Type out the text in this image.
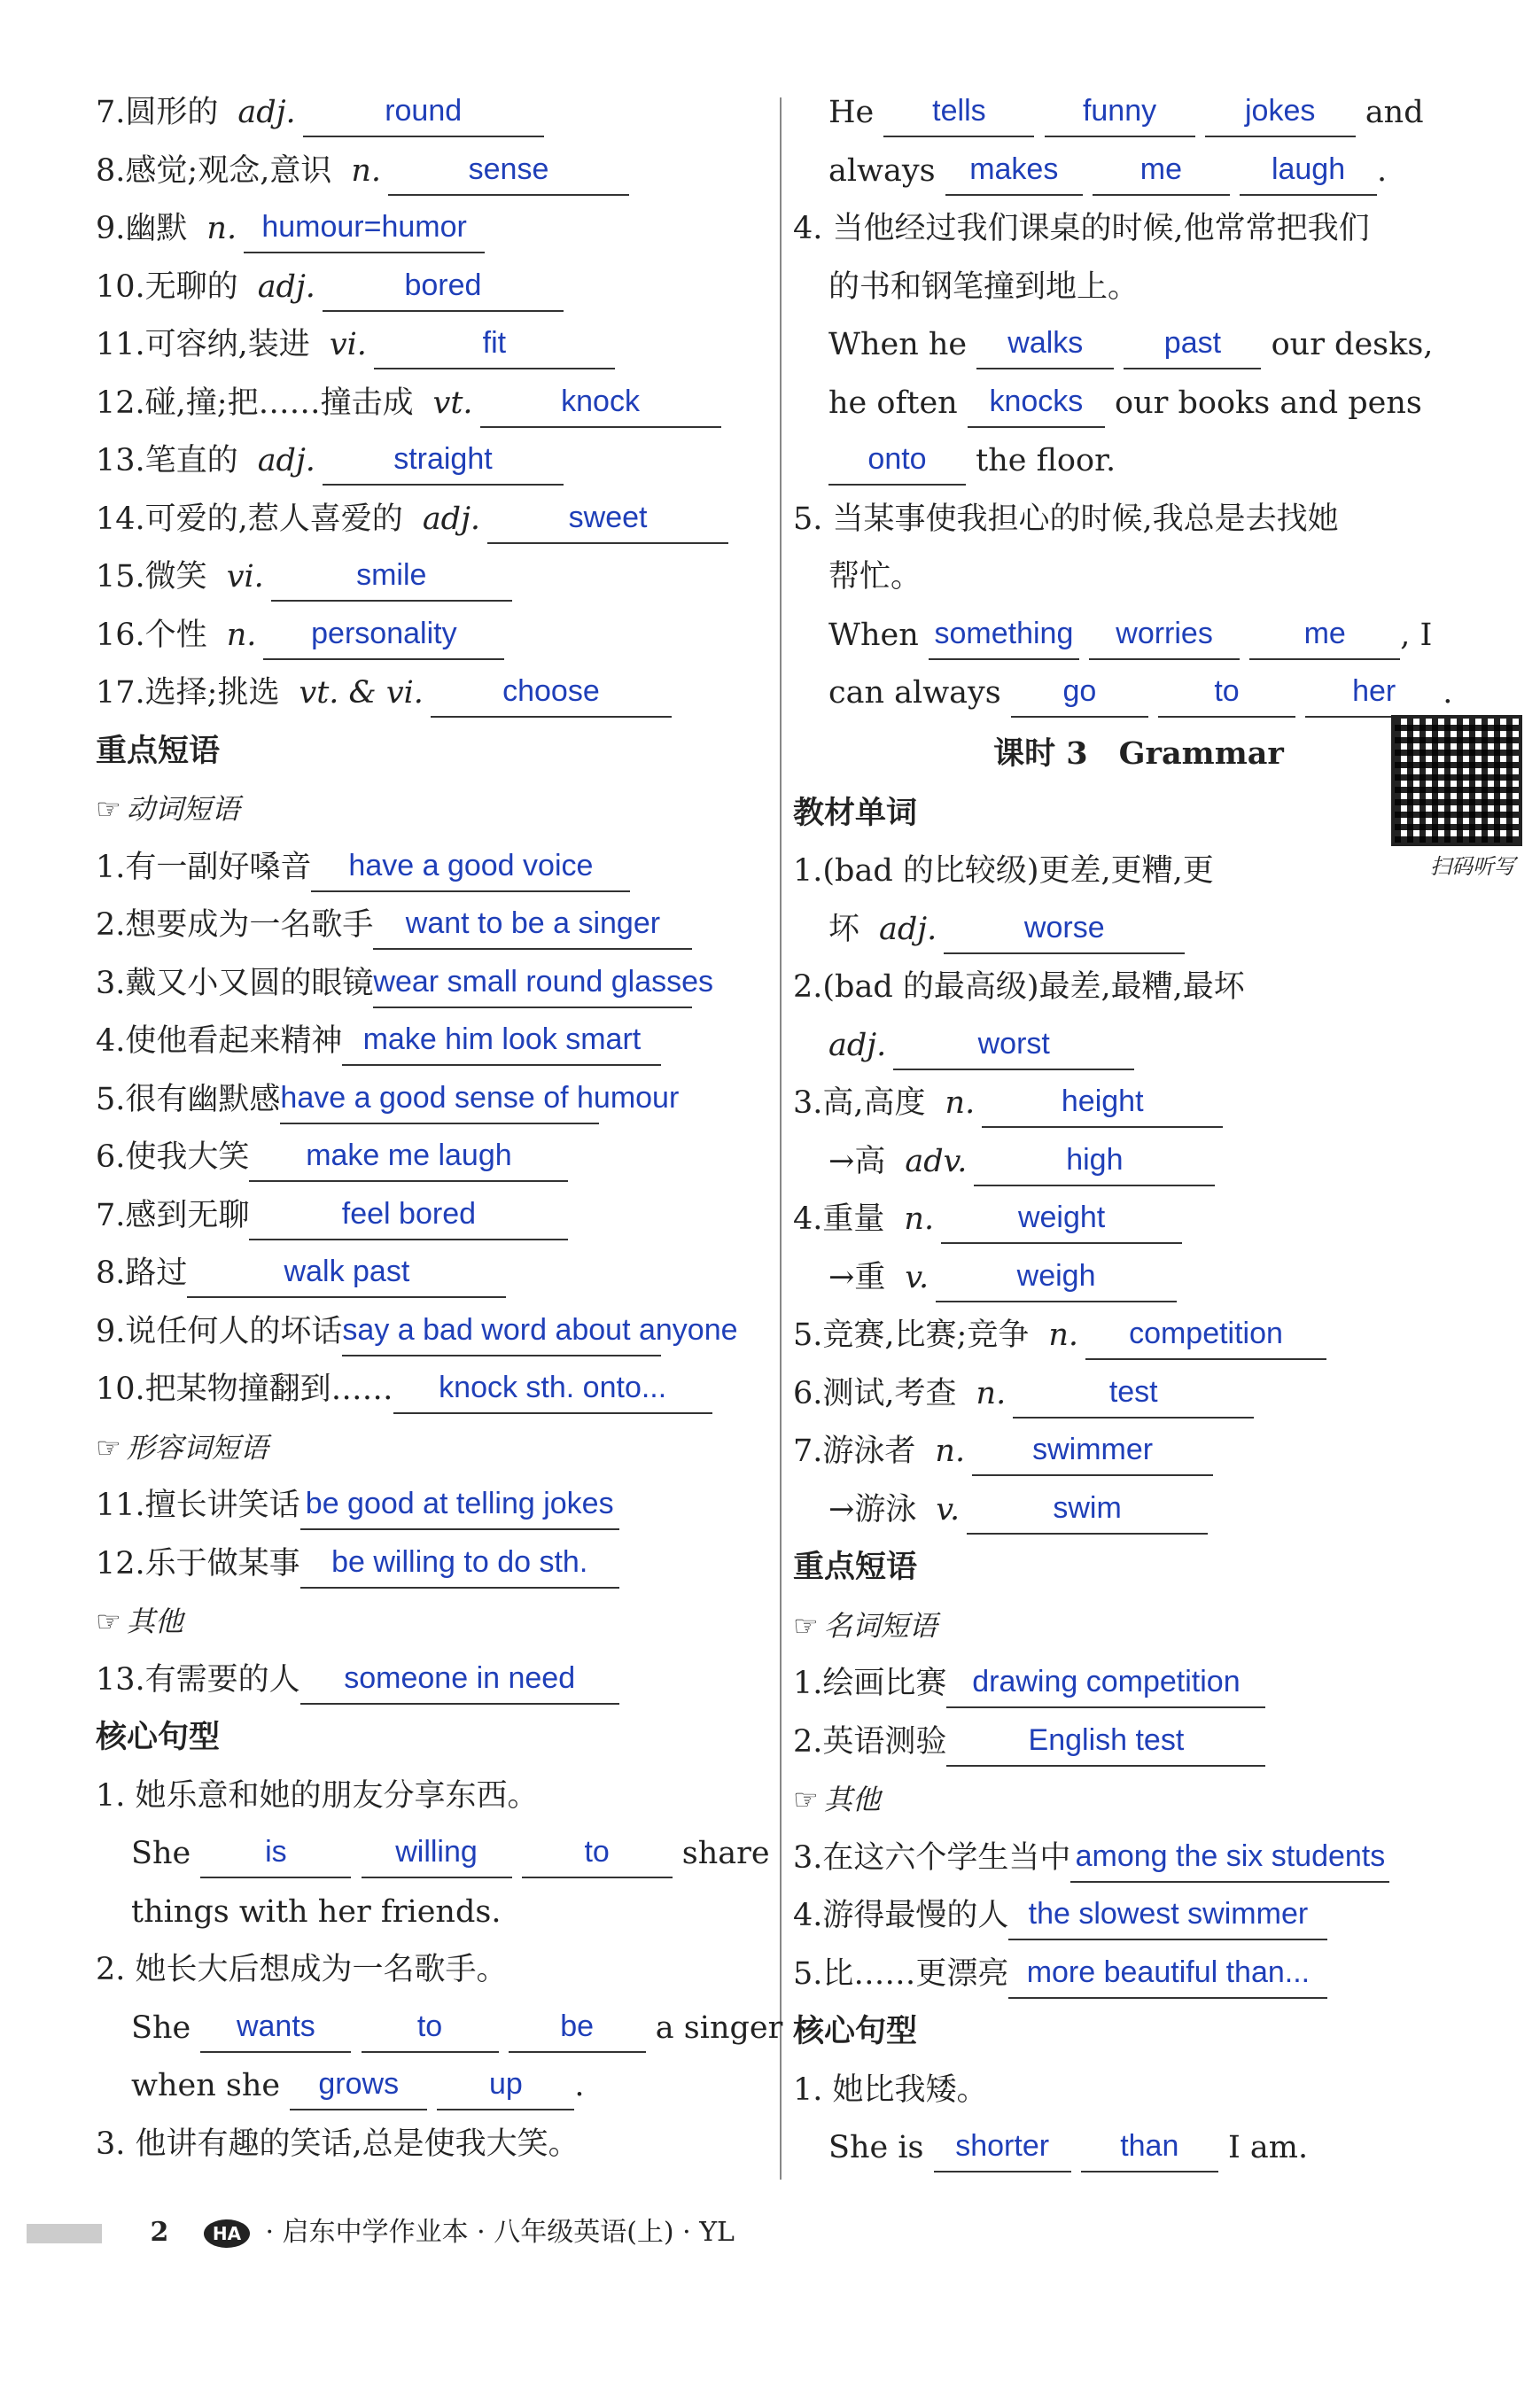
7.圆形的 adj.	round
8.感觉;观念,意识 n.	sense
9.幽默 n. humour=humor
10.无聊的 adj.	bored
11.可容纳,装进 vi.	fit
12.碰,撞;把……撞击成 vt.	knock
13.笔直的 adj.	straight
14.可爱的,惹人喜爱的 adj.	sweet
15.微笑 vi.	smile
16.个性 n. personality
17.选择;挑选 vt. & vi.	choose
重点短语
☞ 动词短语
1.有一副好嗓音 have a good voice
2.想要成为一名歌手 want to be a singer
3.戴又小又圆的眼镜wear small round glasses
4.使他看起来精神 make him look smart
5.很有幽默感have a good sense of humour
6.使我大笑 make me laugh
7.感到无聊	feel bored
8.路过	walk past
9.说任何人的坏话say a bad word about anyone
10.把某物撞翻到…… knock sth. onto...
☞ 形容词短语
11.擅长讲笑话 be good at telling jokes
12.乐于做某事 be willing to do sth.
☞ 其他
13.有需要的人 someone in need
核心句型
1. 她乐意和她的朋友分享东西。
She is	willing	to share
things with her friends.
2. 她长大后想成为一名歌手。
She wants	to	be a singer
when she grows	up .
3. 他讲有趣的笑话,总是使我大笑。
He tells	funny	jokes and
always makes	me	laugh .
4. 当他经过我们课桌的时候,他常常把我们
的书和钢笔撞到地上。
When he walks	past our desks,
he often knocks our books and pens
onto the floor.
5. 当某事使我担心的时候,我总是去找她
帮忙。
When something worries	me , I
can always go	to	her .
课时 3　Grammar
教材单词
1.(bad 的比较级)更差,更糟,更
坏 adj.	worse
2.(bad 的最高级)最差,最糟,最坏
adj.	worst
3.高,高度 n.	height
→高 adv.	high
4.重量 n.	weight
→重 v.	weigh
5.竞赛,比赛;竞争 n. competition
6.测试,考查 n.	test
7.游泳者 n. swimmer
→游泳 v.	swim
重点短语
☞ 名词短语
1.绘画比赛 drawing competition
2.英语测验	English test
☞ 其他
3.在这六个学生当中 among the six students
4.游得最慢的人 the slowest swimmer
5.比……更漂亮 more beautiful than...
核心句型
1. 她比我矮。
She is shorter than I am.
扫码听写
2 HA · 启东中学作业本 · 八年级英语(上) · YL
